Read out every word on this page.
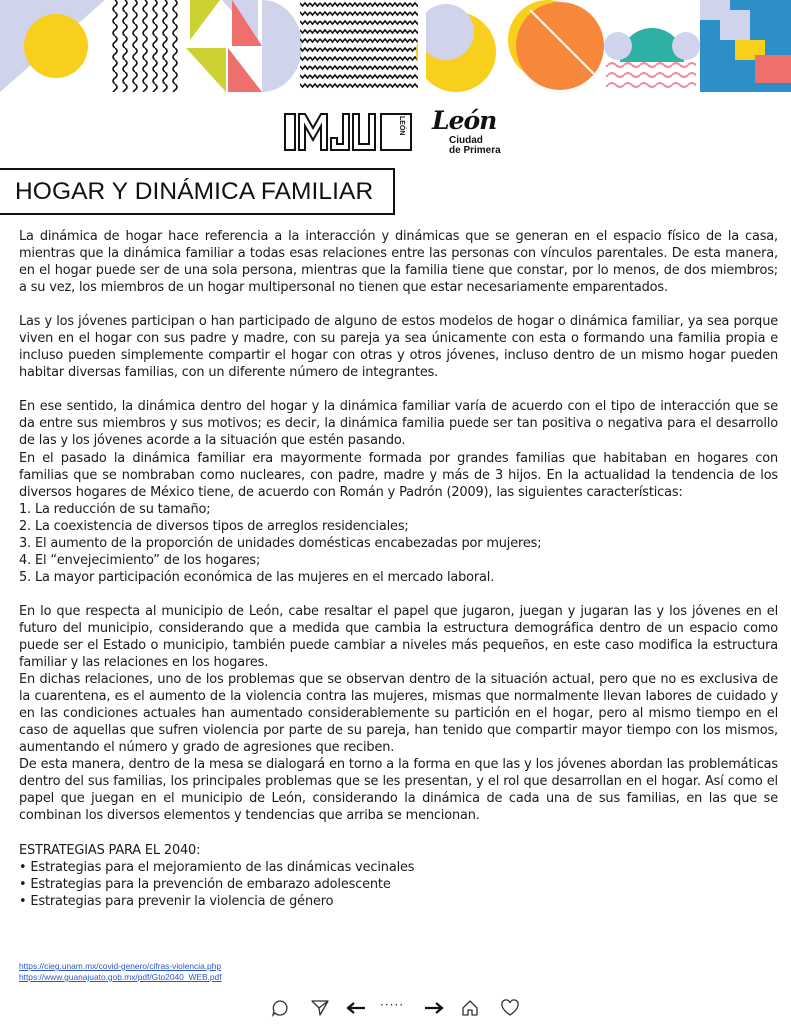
LEÓN León
Ciudad
de Primera
HOGAR Y DINÁMICA FAMILIAR

La dinámica de hogar hace referencia a la interacción y dinámicas que se generan en el espacio físico de la casa, mientras que la dinámica familiar a todas esas relaciones entre las personas con vínculos parentales. De esta manera, en el hogar puede ser de una sola persona, mientras que la familia tiene que constar, por lo menos, de dos miembros; a su vez, los miembros de un hogar multipersonal no tienen que estar necesariamente emparentados.

Las y los jóvenes participan o han participado de alguno de estos modelos de hogar o dinámica familiar, ya sea porque viven en el hogar con sus padre y madre, con su pareja ya sea únicamente con esta o formando una familia propia e incluso pueden simplemente compartir el hogar con otras y otros jóvenes, incluso dentro de un mismo hogar pueden habitar diversas familias, con un diferente número de integrantes.

En ese sentido, la dinámica dentro del hogar y la dinámica familiar varía de acuerdo con el tipo de interacción que se da entre sus miembros y sus motivos; es decir, la dinámica familia puede ser tan positiva o negativa para el desarrollo de las y los jóvenes acorde a la situación que estén pasando.

En el pasado la dinámica familiar era mayormente formada por grandes familias que habitaban en hogares con familias que se nombraban como nucleares, con padre, madre y más de 3 hijos. En la actualidad la tendencia de los diversos hogares de México tiene, de acuerdo con Román y Padrón (2009), las siguientes características:

1. La reducción de su tamaño;
2. La coexistencia de diversos tipos de arreglos residenciales;
3. El aumento de la proporción de unidades domésticas encabezadas por mujeres;
4. El “envejecimiento” de los hogares;
5. La mayor participación económica de las mujeres en el mercado laboral.

En lo que respecta al municipio de León, cabe resaltar el papel que jugaron, juegan y jugaran las y los jóvenes en el futuro del municipio, considerando que a medida que cambia la estructura demográfica dentro de un espacio como puede ser el Estado o municipio, también puede cambiar a niveles más pequeños, en este caso modifica la estructura familiar y las relaciones en los hogares.

En dichas relaciones, uno de los problemas que se observan dentro de la situación actual, pero que no es exclusiva de la cuarentena, es el aumento de la violencia contra las mujeres, mismas que normalmente llevan labores de cuidado y en las condiciones actuales han aumentado considerablemente su partición en el hogar, pero al mismo tiempo en el caso de aquellas que sufren violencia por parte de su pareja, han tenido que compartir mayor tiempo con los mismos, aumentando el número y grado de agresiones que reciben.

De esta manera, dentro de la mesa se dialogará en torno a la forma en que las y los jóvenes abordan las problemáticas dentro del sus familias, los principales problemas que se les presentan, y el rol que desarrollan en el hogar. Así como el papel que juegan en el municipio de León, considerando la dinámica de cada una de sus familias, en las que se combinan los diversos elementos y tendencias que arriba se mencionan.

ESTRATEGIAS PARA EL 2040:
• Estrategias para el mejoramiento de las dinámicas vecinales
• Estrategias para la prevención de embarazo adolescente
• Estrategias para prevenir la violencia de género
https://cieg.unam.mx/covid-genero/cifras-violencia.php
https://www.guanajuato.gob.mx/pdf/Gto2040_WEB.pdf
·····
